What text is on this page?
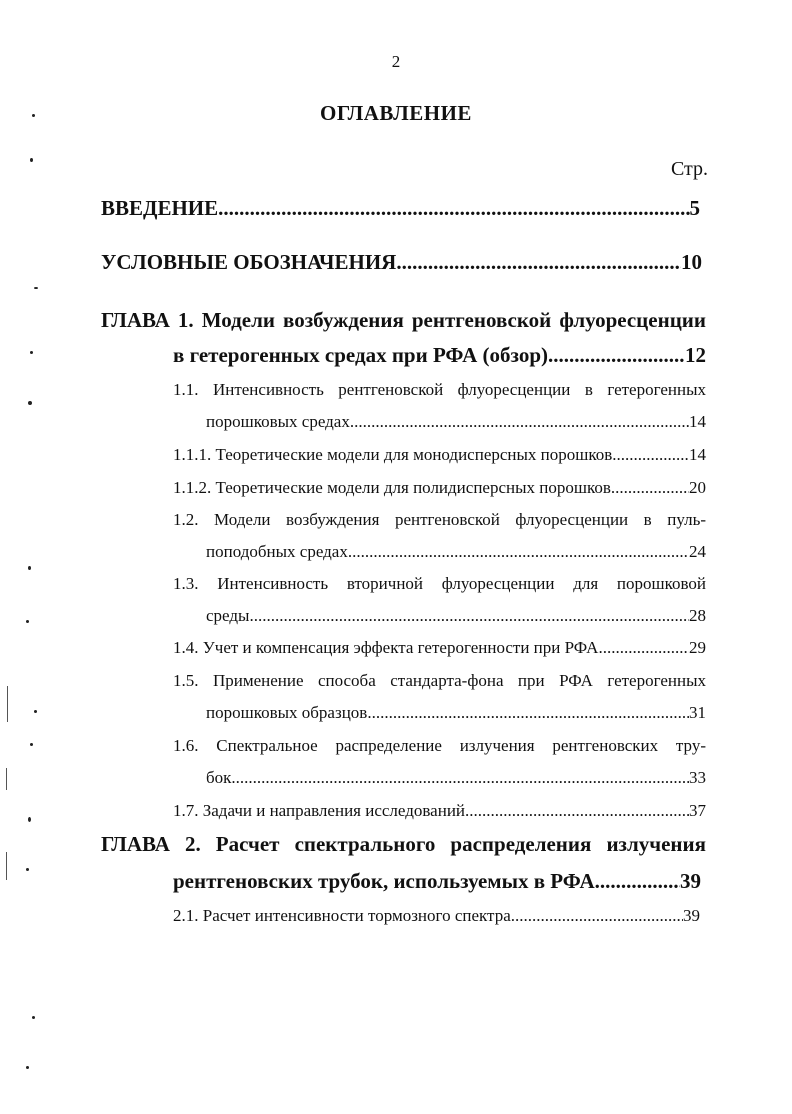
2
ОГЛАВЛЕНИЕ
Стр.
ВВЕДЕНИЕ .....	5
УСЛОВНЫЕ ОБОЗНАЧЕНИЯ .....	10
ГЛАВА 1. Модели возбуждения рентгеновской флуоресценции
в гетерогенных средах при РФА (обзор) .....	12
1.1. Интенсивность рентгеновской флуоресценции в гетерогенных
порошковых средах. .....	14
1.1.1. Теоретические модели для монодисперсных порошков .....	14
1.1.2. Теоретические модели для полидисперсных порошков .....	20
1.2. Модели возбуждения рентгеновской флуоресценции в пуль-
поподобных средах .....	24
1.3. Интенсивность вторичной флуоресценции для порошковой
среды .....	28
1.4. Учет и компенсация эффекта гетерогенности при РФА .....	29
1.5. Применение способа стандарта-фона при РФА гетерогенных
порошковых образцов .....	31
1.6. Спектральное распределение излучения рентгеновских тру-
бок .....	33
1.7. Задачи и направления исследований .....	37
ГЛАВА 2. Расчет спектрального распределения излучения
рентгеновских трубок, используемых в РФА .....	39
2.1. Расчет интенсивности тормозного спектра .....	39
